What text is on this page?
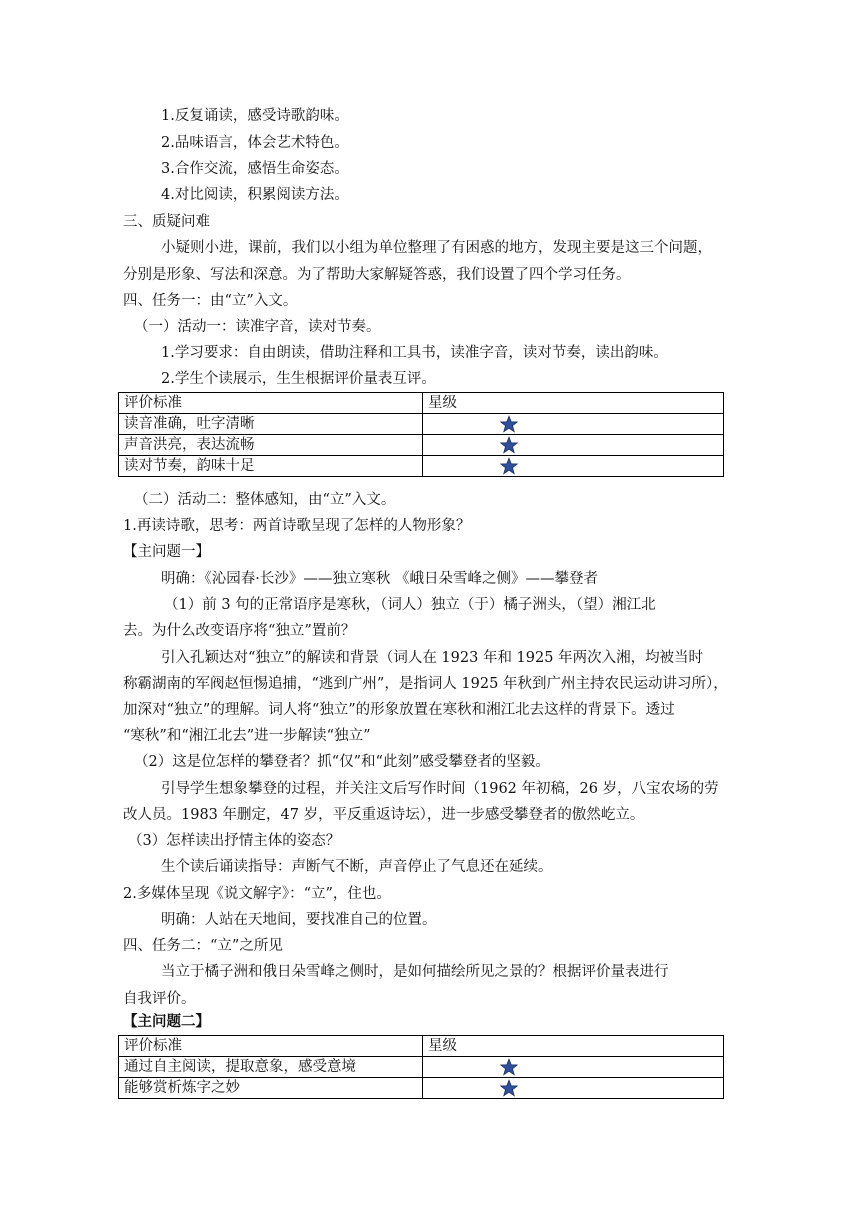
1.反复诵读，感受诗歌韵味。
2.品味语言，体会艺术特色。
3.合作交流，感悟生命姿态。
4.对比阅读，积累阅读方法。
三、质疑问难
小疑则小进，课前，我们以小组为单位整理了有困惑的地方，发现主要是这三个问题，
分别是形象、写法和深意。为了帮助大家解疑答惑，我们设置了四个学习任务。
四、任务一：由“立”入文。
（一）活动一：读准字音，读对节奏。
1.学习要求：自由朗读，借助注释和工具书，读准字音，读对节奏，读出韵味。
2.学生个读展示，生生根据评价量表互评。
评价标准	星级
读音准确，吐字清晰	

声音洪亮，表达流畅	

读对节奏，韵味十足	
（二）活动二：整体感知，由“立”入文。
1.再读诗歌，思考：两首诗歌呈现了怎样的人物形象？
【主问题一】
明确：《沁园春·长沙》——独立寒秋 《峨日朵雪峰之侧》——攀登者
（1）前 3 句的正常语序是寒秋，（词人）独立（于）橘子洲头，（望）湘江北
去。为什么改变语序将“独立”置前？
引入孔颖达对“独立”的解读和背景（词人在 1923 年和 1925 年两次入湘，均被当时
称霸湖南的军阀赵恒惕追捕，“逃到广州”，是指词人 1925 年秋到广州主持农民运动讲习所），
加深对“独立”的理解。词人将“独立”的形象放置在寒秋和湘江北去这样的背景下。透过
“寒秋”和“湘江北去”进一步解读“独立”
（2）这是位怎样的攀登者？抓“仅”和“此刻”感受攀登者的坚毅。
引导学生想象攀登的过程，并关注文后写作时间（1962 年初稿，26 岁，八宝农场的劳
改人员。1983 年删定，47 岁，平反重返诗坛），进一步感受攀登者的傲然屹立。
（3）怎样读出抒情主体的姿态？
生个读后诵读指导：声断气不断，声音停止了气息还在延续。
2.多媒体呈现《说文解字》：“立”，住也。
明确：人站在天地间，要找准自己的位置。
四、任务二：“立”之所见
当立于橘子洲和俄日朵雪峰之侧时，是如何描绘所见之景的？根据评价量表进行
自我评价。
【主问题二】
评价标准	星级
通过自主阅读，提取意象，感受意境	

能够赏析炼字之妙	
